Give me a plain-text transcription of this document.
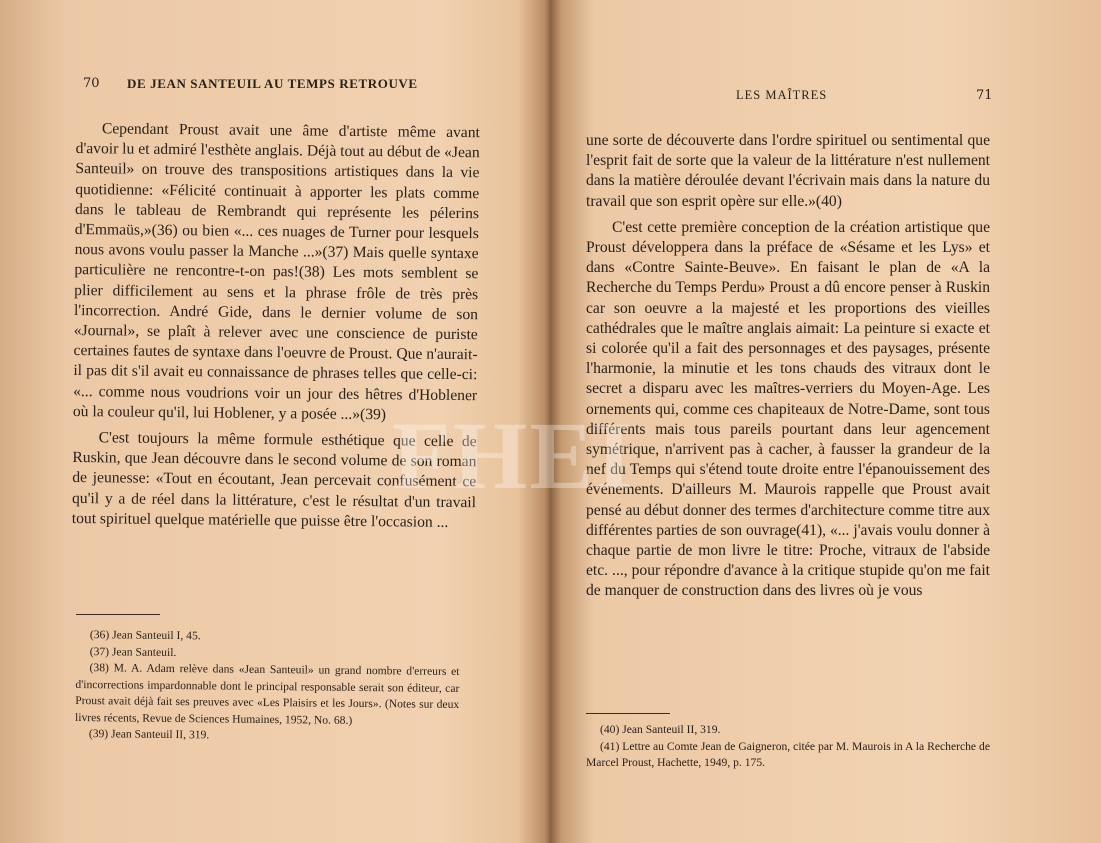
70 DE JEAN SANTEUIL AU TEMPS RETROUVE

Cependant Proust avait une âme d'artiste même avant d'avoir lu et admiré l'esthète anglais. Déjà tout au début de «Jean Santeuil» on trouve des transpositions artistiques dans la vie quotidienne: «Félicité continuait à apporter les plats comme dans le tableau de Rembrandt qui représente les pélerins d'Emmaüs,»(36) ou bien «... ces nuages de Turner pour lesquels nous avons voulu passer la Manche ...»(37) Mais quelle syntaxe particulière ne rencontre-t-on pas!(38) Les mots semblent se plier difficilement au sens et la phrase frôle de très près l'incorrection. André Gide, dans le dernier volume de son «Journal», se plaît à relever avec une conscience de puriste certaines fautes de syntaxe dans l'oeuvre de Proust. Que n'aurait-il pas dit s'il avait eu connaissance de phrases telles que celle-ci: «... comme nous voudrions voir un jour des hêtres d'Hoblener où la couleur qu'il, lui Hoblener, y a posée ...»(39)

C'est toujours la même formule esthétique que celle de Ruskin, que Jean découvre dans le second volume de son roman de jeunesse: «Tout en écoutant, Jean percevait confusément ce qu'il y a de réel dans la littérature, c'est le résultat d'un travail tout spirituel quelque matérielle que puisse être l'occasion ...

(36) Jean Santeuil I, 45.

(37) Jean Santeuil.

(38) M. A. Adam relève dans «Jean Santeuil» un grand nombre d'erreurs et d'incorrections impardonnable dont le principal responsable serait son éditeur, car Proust avait déjà fait ses preuves avec «Les Plaisirs et les Jours». (Notes sur deux livres récents, Revue de Sciences Humaines, 1952, No. 68.)

(39) Jean Santeuil II, 319.

LES MAÎTRES	71

une sorte de découverte dans l'ordre spirituel ou sentimental que l'esprit fait de sorte que la valeur de la littérature n'est nullement dans la matière déroulée devant l'écrivain mais dans la nature du travail que son esprit opère sur elle.»(40)

C'est cette première conception de la création artistique que Proust développera dans la préface de «Sésame et les Lys» et dans «Contre Sainte-Beuve». En faisant le plan de «A la Recherche du Temps Perdu» Proust a dû encore penser à Ruskin car son oeuvre a la majesté et les proportions des vieilles cathédrales que le maître anglais aimait: La peinture si exacte et si colorée qu'il a fait des personnages et des paysages, présente l'harmonie, la minutie et les tons chauds des vitraux dont le secret a disparu avec les maîtres-verriers du Moyen-Age. Les ornements qui, comme ces chapiteaux de Notre-Dame, sont tous différents mais tous pareils pourtant dans leur agencement symétrique, n'arrivent pas à cacher, à fausser la grandeur de la nef du Temps qui s'étend toute droite entre l'épanouissement des événements. D'ailleurs M. Maurois rappelle que Proust avait pensé au début donner des termes d'architecture comme titre aux différentes parties de son ouvrage(41), «... j'avais voulu donner à chaque partie de mon livre le titre: Proche, vitraux de l'abside etc. ..., pour répondre d'avance à la critique stupide qu'on me fait de manquer de construction dans des livres où je vous

(40) Jean Santeuil II, 319.

(41) Lettre au Comte Jean de Gaigneron, citée par M. Maurois in A la Recherche de Marcel Proust, Hachette, 1949, p. 175.

FHEI
